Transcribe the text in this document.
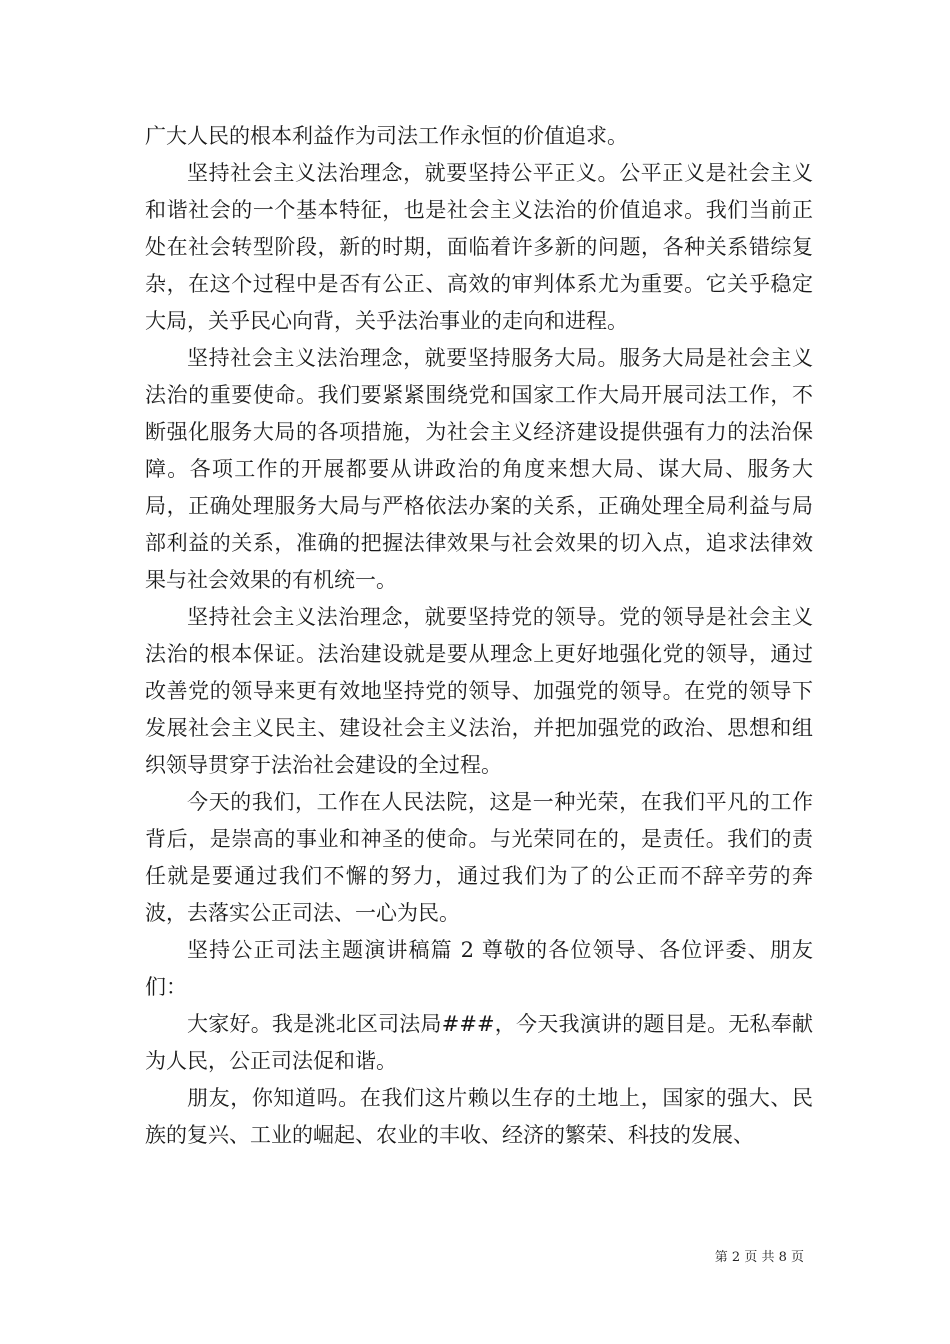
广大人民的根本利益作为司法工作永恒的价值追求。

坚持社会主义法治理念，就要坚持公平正义。公平正义是社会主义和谐社会的一个基本特征，也是社会主义法治的价值追求。我们当前正处在社会转型阶段，新的时期，面临着许多新的问题，各种关系错综复杂，在这个过程中是否有公正、高效的审判体系尤为重要。它关乎稳定大局，关乎民心向背，关乎法治事业的走向和进程。

坚持社会主义法治理念，就要坚持服务大局。服务大局是社会主义法治的重要使命。我们要紧紧围绕党和国家工作大局开展司法工作，不断强化服务大局的各项措施，为社会主义经济建设提供强有力的法治保障。各项工作的开展都要从讲政治的角度来想大局、谋大局、服务大局，正确处理服务大局与严格依法办案的关系，正确处理全局利益与局部利益的关系，准确的把握法律效果与社会效果的切入点，追求法律效果与社会效果的有机统一。

坚持社会主义法治理念，就要坚持党的领导。党的领导是社会主义法治的根本保证。法治建设就是要从理念上更好地强化党的领导，通过改善党的领导来更有效地坚持党的领导、加强党的领导。在党的领导下发展社会主义民主、建设社会主义法治，并把加强党的政治、思想和组织领导贯穿于法治社会建设的全过程。

今天的我们，工作在人民法院，这是一种光荣，在我们平凡的工作背后，是崇高的事业和神圣的使命。与光荣同在的，是责任。我们的责任就是要通过我们不懈的努力，通过我们为了的公正而不辞辛劳的奔波，去落实公正司法、一心为民。

坚持公正司法主题演讲稿篇 2 尊敬的各位领导、各位评委、朋友们：

大家好。我是洮北区司法局###，今天我演讲的题目是。无私奉献为人民，公正司法促和谐。

朋友，你知道吗。在我们这片赖以生存的土地上，国家的强大、民族的复兴、工业的崛起、农业的丰收、经济的繁荣、科技的发展、

第 2 页 共 8 页
